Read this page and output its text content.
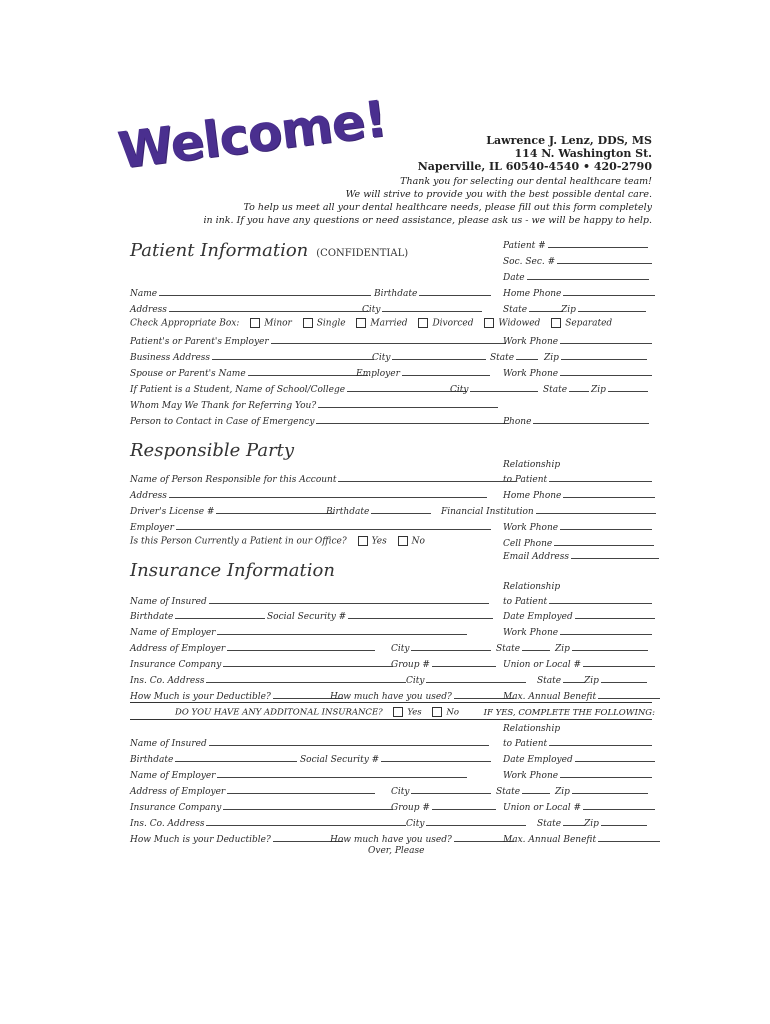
Welcome!	Lawrence J. Lenz, DDS, MS
114 N. Washington St.
Naperville, IL 60540-4540 • 420-2790
Thank you for selecting our dental healthcare team!
We will strive to provide you with the best possible dental care.
To help us meet all your dental healthcare needs, please fill out this form completely
in ink. If you have any questions or need assistance, please ask us - we will be happy to help.
Patient Information (CONFIDENTIAL)
Patient #
Soc. Sec. #
Date
Name	Birthdate	Home Phone
Address	City	State	Zip
Check Appropriate Box:	Minor	Single	Married	Divorced	Widowed	Separated
Patient's or Parent's Employer	Work Phone
Business Address	City	State	Zip
Spouse or Parent's Name	Employer	Work Phone
If Patient is a Student, Name of School/College	City	State	Zip
Whom May We Thank for Referring You?
Person to Contact in Case of Emergency	Phone
Responsible Party
Relationship
to Patient
Name of Person Responsible for this Account
Address	Home Phone
Driver's License #	Birthdate	Financial Institution
Employer	Work Phone
Is this Person Currently a Patient in our Office?	Yes	No	Cell Phone
Email Address
Insurance Information
Relationship
to Patient
Name of Insured
Birthdate	Social Security #	Date Employed
Name of Employer	Work Phone
Address of Employer	City	State	Zip
Insurance Company	Group #	Union or Local #
Ins. Co. Address	City	State	Zip
How Much is your Deductible?	How much have you used?	Max. Annual Benefit
DO YOU HAVE ANY ADDITONAL INSURANCE?	Yes	No	IF YES, COMPLETE THE FOLLOWING:
Relationship
to Patient
Name of Insured
Birthdate	Social Security #	Date Employed
Name of Employer	Work Phone
Address of Employer	City	State	Zip
Insurance Company	Group #	Union or Local #
Ins. Co. Address	City	State	Zip
How Much is your Deductible?	How much have you used?	Max. Annual Benefit
Over, Please
